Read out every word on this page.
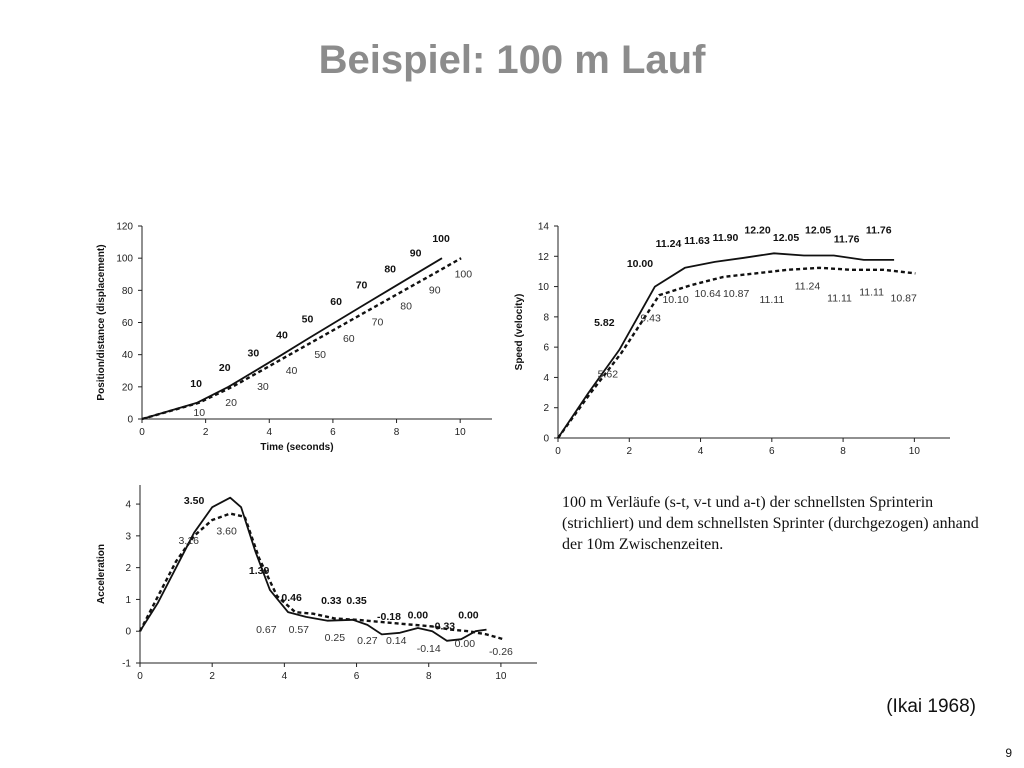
Beispiel: 100 m Lauf
0	2	4	6	8	10
0
20
40
60
80
100
120
Time (seconds)
Position/distance (displacement)	10
20
30
40
50
60
70
80
90
100
10
20
30
40
50
60
70
80
90
100
0	2	4	6	8	10
0
2
4
6
8
10
12
14
Speed (velocity)	5.82
10.00
11.24 11.63 11.90
12.20
12.05
12.05
11.76
11.76
5.62
9.43
10.10
10.64 10.87
11.11
11.24
11.11
11.11
10.87
0	2	4	6	8	10
-1
0
1
2
3
4
Acceleration
3.50
1.39
0.46 0.33 0.35
-0.18 0.00
-0.33
0.00
3.16
3.60
0.67 0.57
0.25 0.27 0.14
-0.14 0.00
-0.26

100 m Verläufe (s-t, v-t und a-t) der schnellsten Sprinterin (strichliert) und dem schnellsten Sprinter (durchgezogen) anhand der 10m Zwischenzeiten.

(Ikai 1968)
9
